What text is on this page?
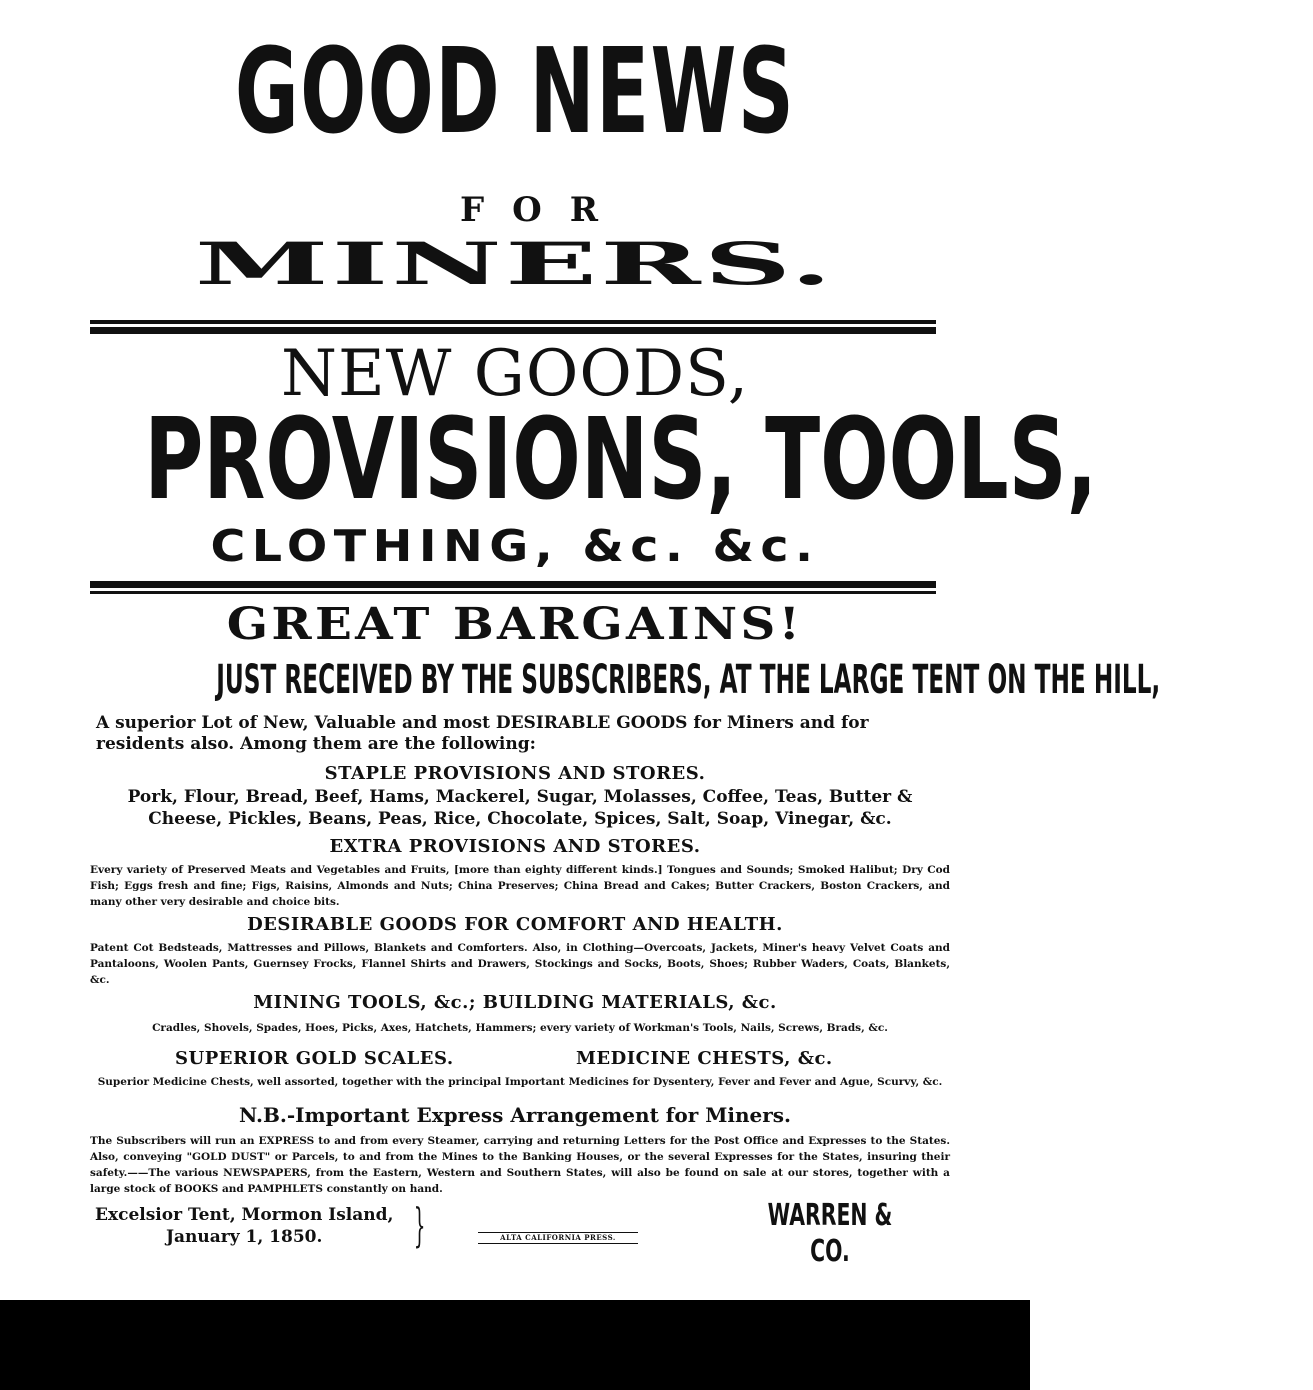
GOOD NEWS
FOR
MINERS.
NEW GOODS,
PROVISIONS, TOOLS,
CLOTHING, &c. &c.
GREAT BARGAINS!
JUST RECEIVED BY THE SUBSCRIBERS, AT THE LARGE TENT ON THE HILL,
A superior Lot of New, Valuable and most DESIRABLE GOODS for Miners and for residents also. Among them are the following:
STAPLE PROVISIONS AND STORES.
Pork, Flour, Bread, Beef, Hams, Mackerel, Sugar, Molasses, Coffee, Teas, Butter & Cheese, Pickles, Beans, Peas, Rice, Chocolate, Spices, Salt, Soap, Vinegar, &c.
EXTRA PROVISIONS AND STORES.
Every variety of Preserved Meats and Vegetables and Fruits, [more than eighty different kinds.] Tongues and Sounds; Smoked Halibut; Dry Cod Fish; Eggs fresh and fine; Figs, Raisins, Almonds and Nuts; China Preserves; China Bread and Cakes; Butter Crackers, Boston Crackers, and many other very desirable and choice bits.
DESIRABLE GOODS FOR COMFORT AND HEALTH.
Patent Cot Bedsteads, Mattresses and Pillows, Blankets and Comforters. Also, in Clothing—Overcoats, Jackets, Miner's heavy Velvet Coats and Pantaloons, Woolen Pants, Guernsey Frocks, Flannel Shirts and Drawers, Stockings and Socks, Boots, Shoes; Rubber Waders, Coats, Blankets, &c.
MINING TOOLS, &c.; BUILDING MATERIALS, &c.
Cradles, Shovels, Spades, Hoes, Picks, Axes, Hatchets, Hammers; every variety of Workman's Tools, Nails, Screws, Brads, &c.
SUPERIOR GOLD SCALES.	MEDICINE CHESTS, &c.
Superior Medicine Chests, well assorted, together with the principal Important Medicines for Dysentery, Fever and Fever and Ague, Scurvy, &c.
N.B.-Important Express Arrangement for Miners.
The Subscribers will run an EXPRESS to and from every Steamer, carrying and returning Letters for the Post Office and Expresses to the States. Also, conveying "GOLD DUST" or Parcels, to and from the Mines to the Banking Houses, or the several Expresses for the States, insuring their safety.——The various NEWSPAPERS, from the Eastern, Western and Southern States, will also be found on sale at our stores, together with a large stock of BOOKS and PAMPHLETS constantly on hand.
Excelsior Tent, Mormon Island,
January 1, 1850.	}	ALTA CALIFORNIA PRESS.
WARREN & CO.
